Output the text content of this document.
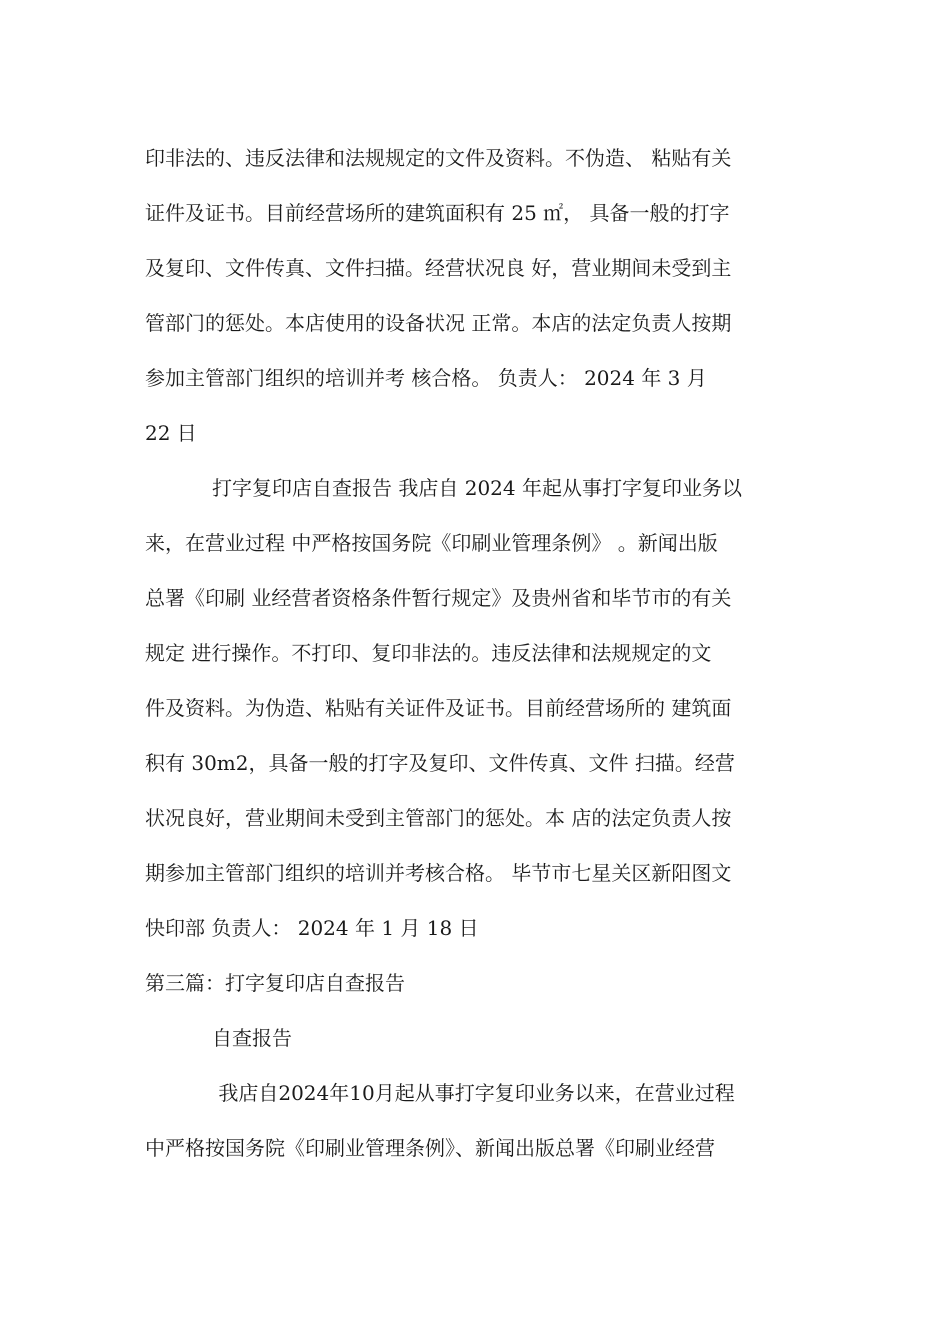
印非法的、违反法律和法规规定的文件及资料。不伪造、 粘贴有关
证件及证书。目前经营场所的建筑面积有 25 ㎡， 具备一般的打字
及复印、文件传真、文件扫描。经营状况良 好，营业期间未受到主
管部门的惩处。本店使用的设备状况 正常。本店的法定负责人按期
参加主管部门组织的培训并考 核合格。 负责人： 2024 年 3 月
22 日
打字复印店自查报告 我店自 2024 年起从事打字复印业务以
来，在营业过程 中严格按国务院《印刷业管理条例》 。新闻出版
总署《印刷 业经营者资格条件暂行规定》及贵州省和毕节市的有关
规定 进行操作。不打印、复印非法的。违反法律和法规规定的文
件及资料。为伪造、粘贴有关证件及证书。目前经营场所的 建筑面
积有 30m2，具备一般的打字及复印、文件传真、文件 扫描。经营
状况良好，营业期间未受到主管部门的惩处。本 店的法定负责人按
期参加主管部门组织的培训并考核合格。 毕节市七星关区新阳图文
快印部 负责人： 2024 年 1 月 18 日
第三篇：打字复印店自查报告
自查报告
我店自2024年10月起从事打字复印业务以来，在营业过程
中严格按国务院《印刷业管理条例》、新闻出版总署《印刷业经营
